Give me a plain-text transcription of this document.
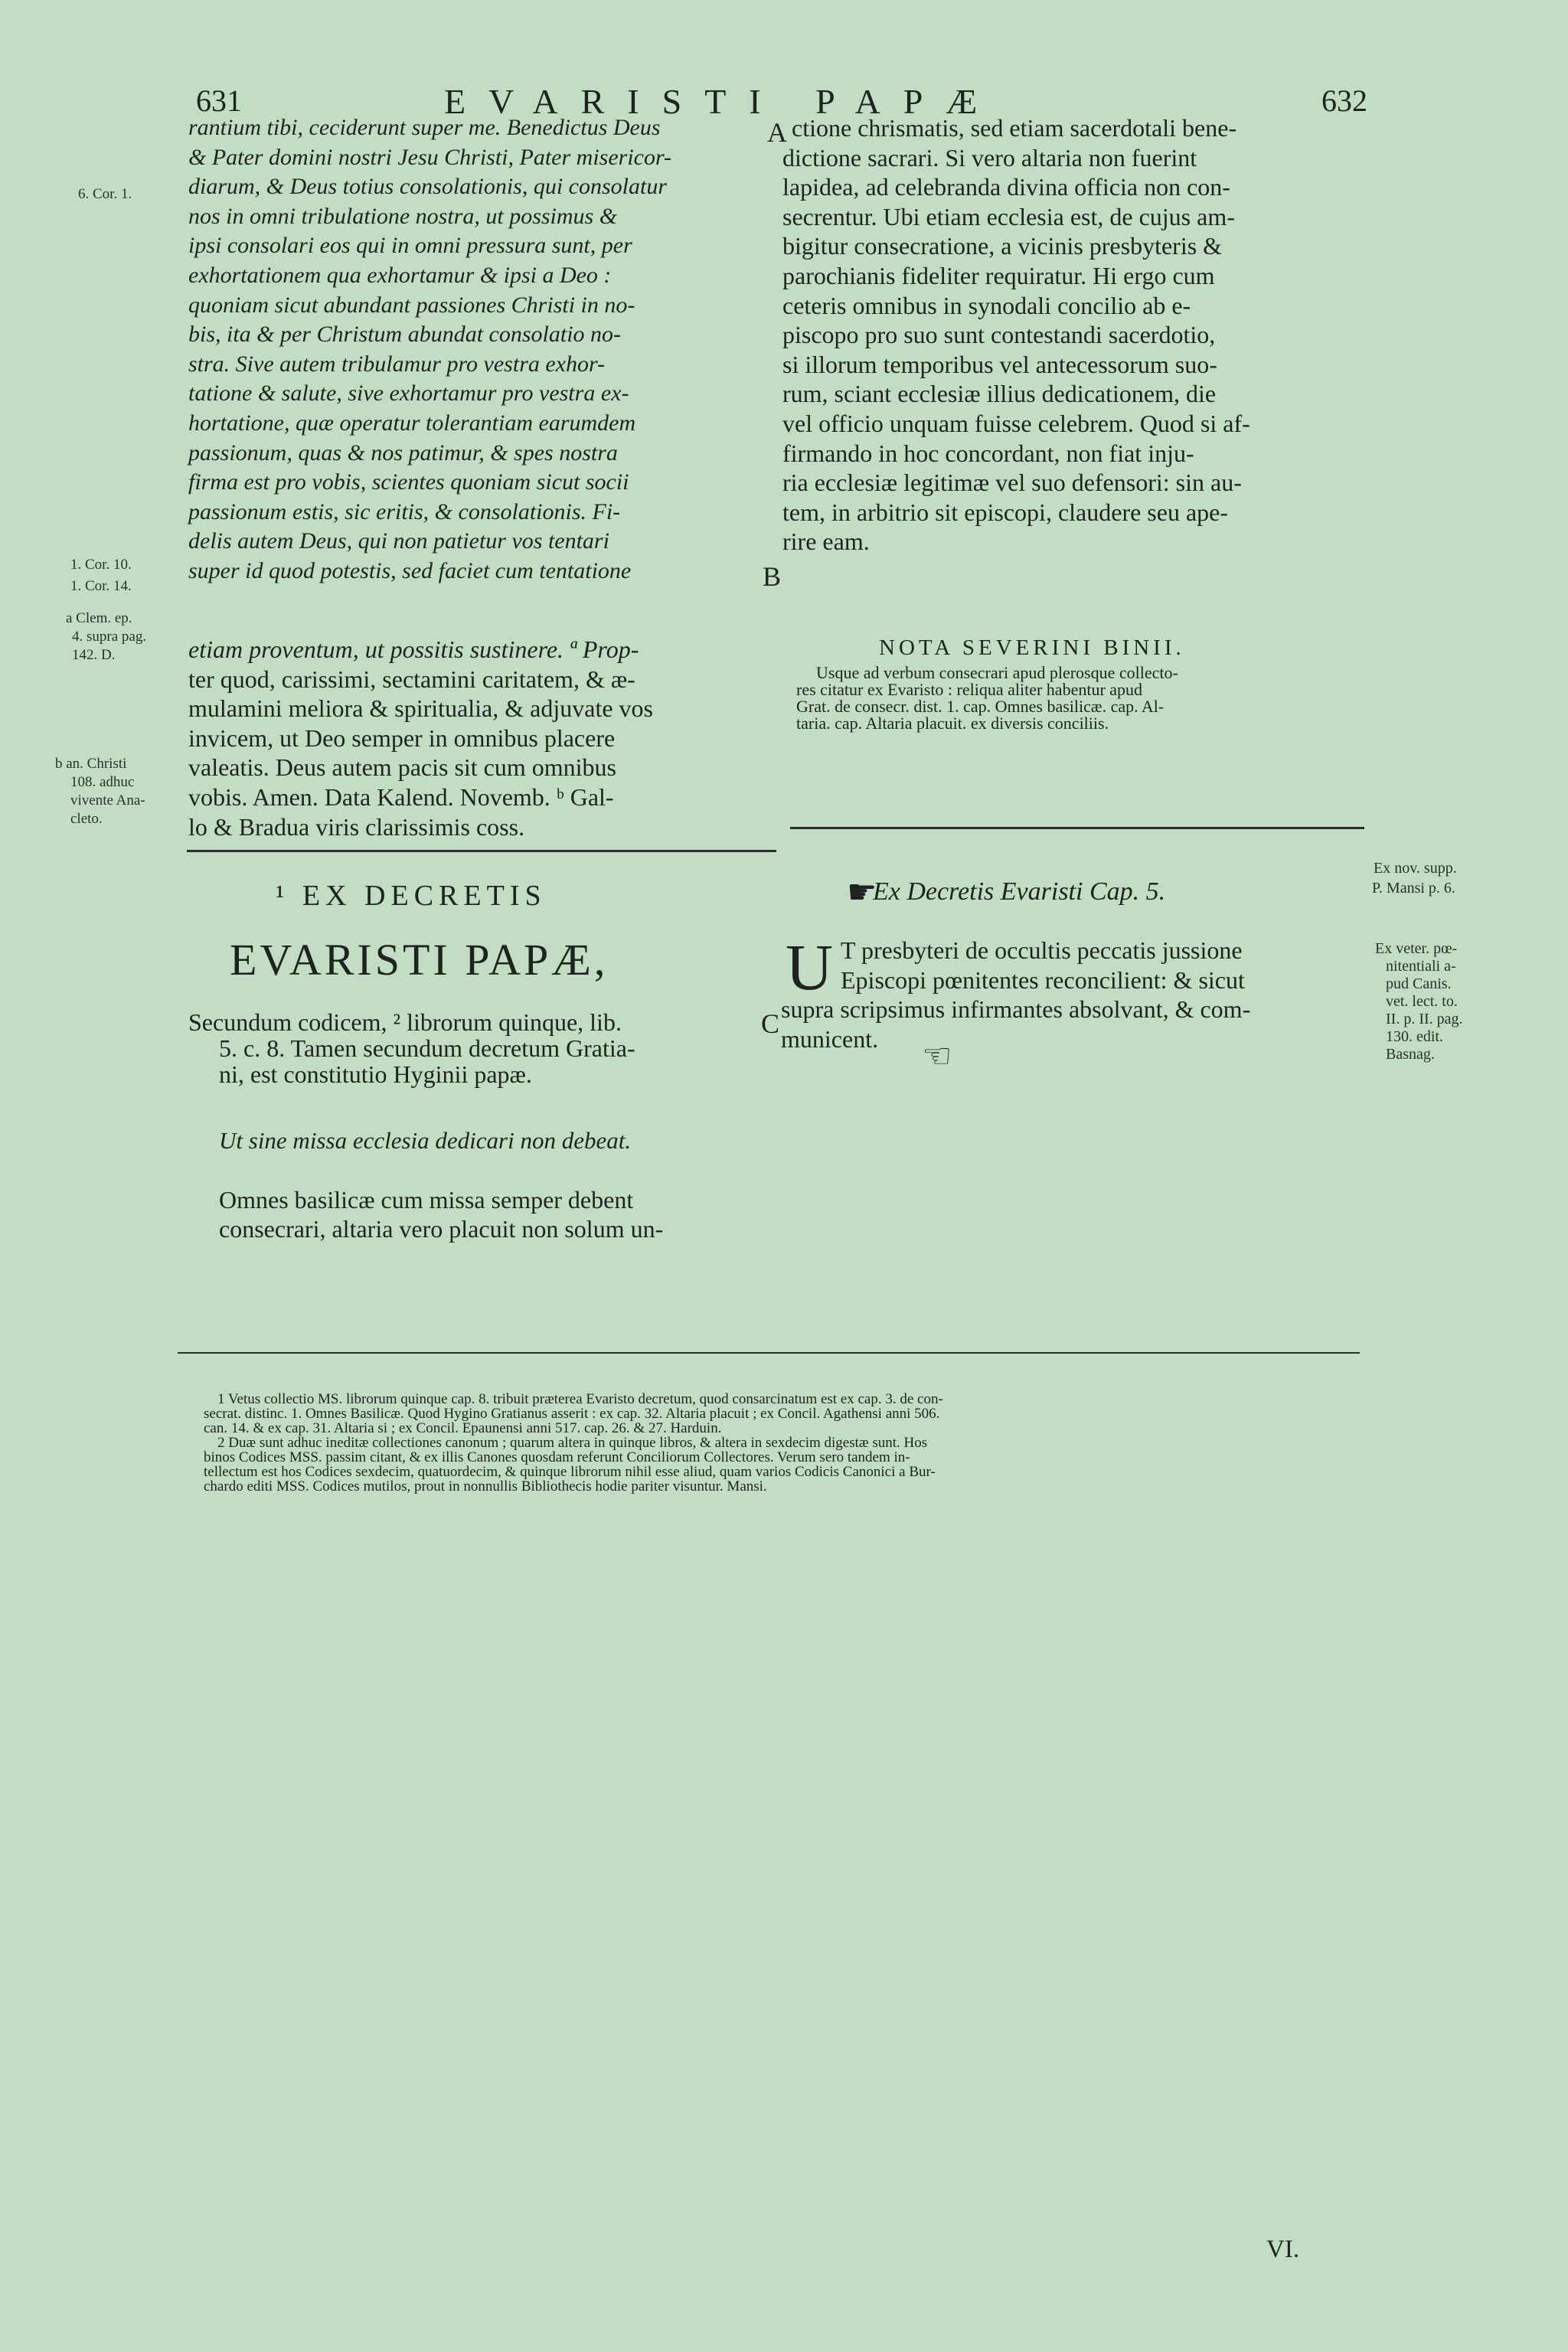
631	EVARISTI PAPÆ	632
6. Cor. 1.
1. Cor. 10.
1. Cor. 14.
a Clem. ep.
4. supra pag.
142. D.
b an. Christi
108. adhuc
vivente Ana-
cleto.
rantium tibi, ceciderunt super me. Benedictus Deus
& Pater domini nostri Jesu Christi, Pater misericor-
diarum, & Deus totius consolationis, qui consolatur
nos in omni tribulatione nostra, ut possimus &
ipsi consolari eos qui in omni pressura sunt, per
exhortationem qua exhortamur & ipsi a Deo :
quoniam sicut abundant passiones Christi in no-
bis, ita & per Christum abundat consolatio no-
stra. Sive autem tribulamur pro vestra exhor-
tatione & salute, sive exhortamur pro vestra ex-
hortatione, quæ operatur tolerantiam earumdem
passionum, quas & nos patimur, & spes nostra
firma est pro vobis, scientes quoniam sicut socii
passionum estis, sic eritis, & consolationis. Fi-
delis autem Deus, qui non patietur vos tentari
super id quod potestis, sed faciet cum tentatione
etiam proventum, ut possitis sustinere. ª Prop-
ter quod, carissimi, sectamini caritatem, & æ-
mulamini meliora & spiritualia, & adjuvate vos
invicem, ut Deo semper in omnibus placere
valeatis. Deus autem pacis sit cum omnibus
vobis. Amen. Data Kalend. Novemb. ᵇ Gal-
lo & Bradua viris clarissimis coss.
A
B
C
ctione chrismatis, sed etiam sacerdotali bene-
dictione sacrari. Si vero altaria non fuerint
lapidea, ad celebranda divina officia non con-
secrentur. Ubi etiam ecclesia est, de cujus am-
bigitur consecratione, a vicinis presbyteris &
parochianis fideliter requiratur. Hi ergo cum
ceteris omnibus in synodali concilio ab e-
piscopo pro suo sunt contestandi sacerdotio,
si illorum temporibus vel antecessorum suo-
rum, sciant ecclesiæ illius dedicationem, die
vel officio unquam fuisse celebrem. Quod si af-
firmando in hoc concordant, non fiat inju-
ria ecclesiæ legitimæ vel suo defensori: sin au-
tem, in arbitrio sit episcopi, claudere seu ape-
rire eam.
NOTA SEVERINI BINII.
Usque ad verbum consecrari apud plerosque collecto-
res citatur ex Evaristo : reliqua aliter habentur apud
Grat. de consecr. dist. 1. cap. Omnes basilicæ. cap. Al-
taria. cap. Altaria placuit. ex diversis conciliis.
¹ EX DECRETIS
EVARISTI PAPÆ,
Secundum codicem, ² librorum quinque, lib.
5. c. 8. Tamen secundum decretum Gratia-
ni, est constitutio Hyginii papæ.
Ut sine missa ecclesia dedicari non debeat.
Omnes basilicæ cum missa semper debent
consecrari, altaria vero placuit non solum un-
☛
Ex Decretis Evaristi Cap. 5.
Ex nov. supp.
P. Mansi p. 6.
U T presbyteri de occultis peccatis jussione
Episcopi pœnitentes reconcilient: & sicut
supra scripsimus infirmantes absolvant, & com-
municent.	☜
Ex veter. pœ-
nitentiali a-
pud Canis.
vet. lect. to.
II. p. II. pag.
130. edit.
Basnag.
1 Vetus collectio MS. librorum quinque cap. 8. tribuit præterea Evaristo decretum, quod consarcinatum est ex cap. 3. de con-
secrat. distinc. 1. Omnes Basilicæ. Quod Hygino Gratianus asserit : ex cap. 32. Altaria placuit ; ex Concil. Agathensi anni 506.
can. 14. & ex cap. 31. Altaria si ; ex Concil. Epaunensi anni 517. cap. 26. & 27. Harduin.
2 Duæ sunt adhuc ineditæ collectiones canonum ; quarum altera in quinque libros, & altera in sexdecim digestæ sunt. Hos
binos Codices MSS. passim citant, & ex illis Canones quosdam referunt Conciliorum Collectores. Verum sero tandem in-
tellectum est hos Codices sexdecim, quatuordecim, & quinque librorum nihil esse aliud, quam varios Codicis Canonici a Bur-
chardo editi MSS. Codices mutilos, prout in nonnullis Bibliothecis hodie pariter visuntur. Mansi.
VI.
